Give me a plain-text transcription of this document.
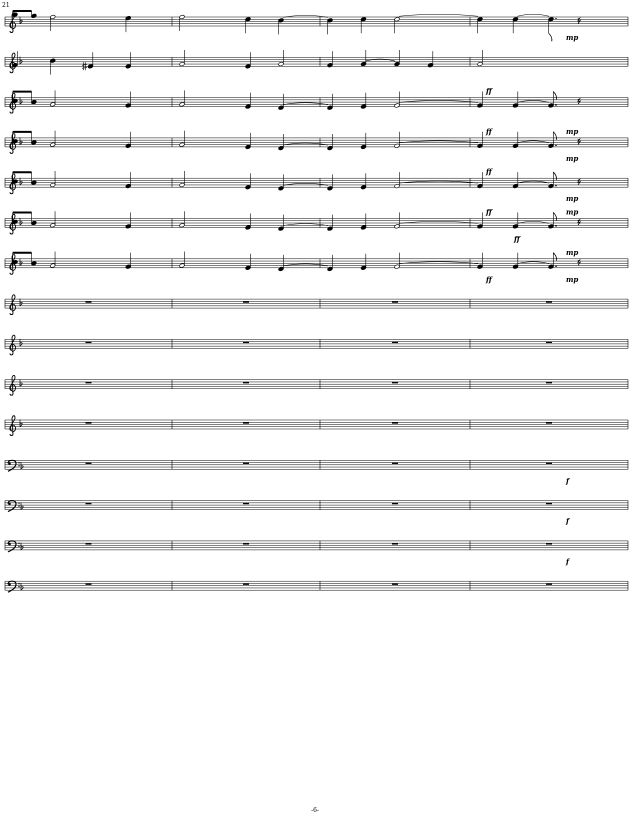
21
mp
ff
ff	mp
mp
ff
mp
ff
ff
mp
ff
mp
mp
f
f
f
-6-
